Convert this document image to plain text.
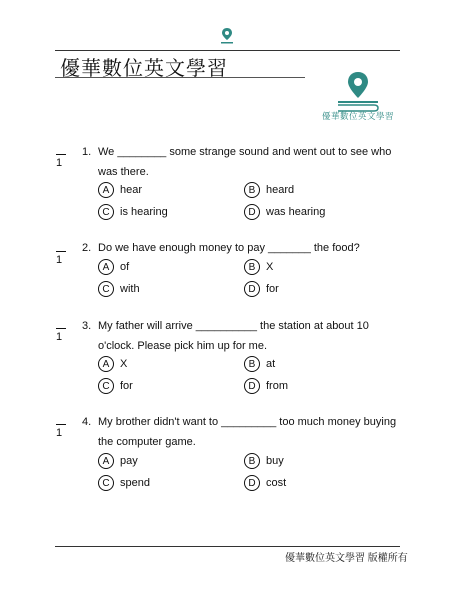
優華數位英文學習
優華數位英文學習
1
1. We ________ some strange sound and went out to see who
was there.
A hear	B heard
C is hearing	D was hearing
1
2. Do we have enough money to pay _______ the food?
A of	B X
C with	D for
1
3. My father will arrive __________ the station at about 10
o'clock. Please pick him up for me.
A X	B at
C for	D from
1
4. My brother didn't want to _________ too much money buying
the computer game.
A pay	B buy
C spend	D cost
優華數位英文學習 版權所有
